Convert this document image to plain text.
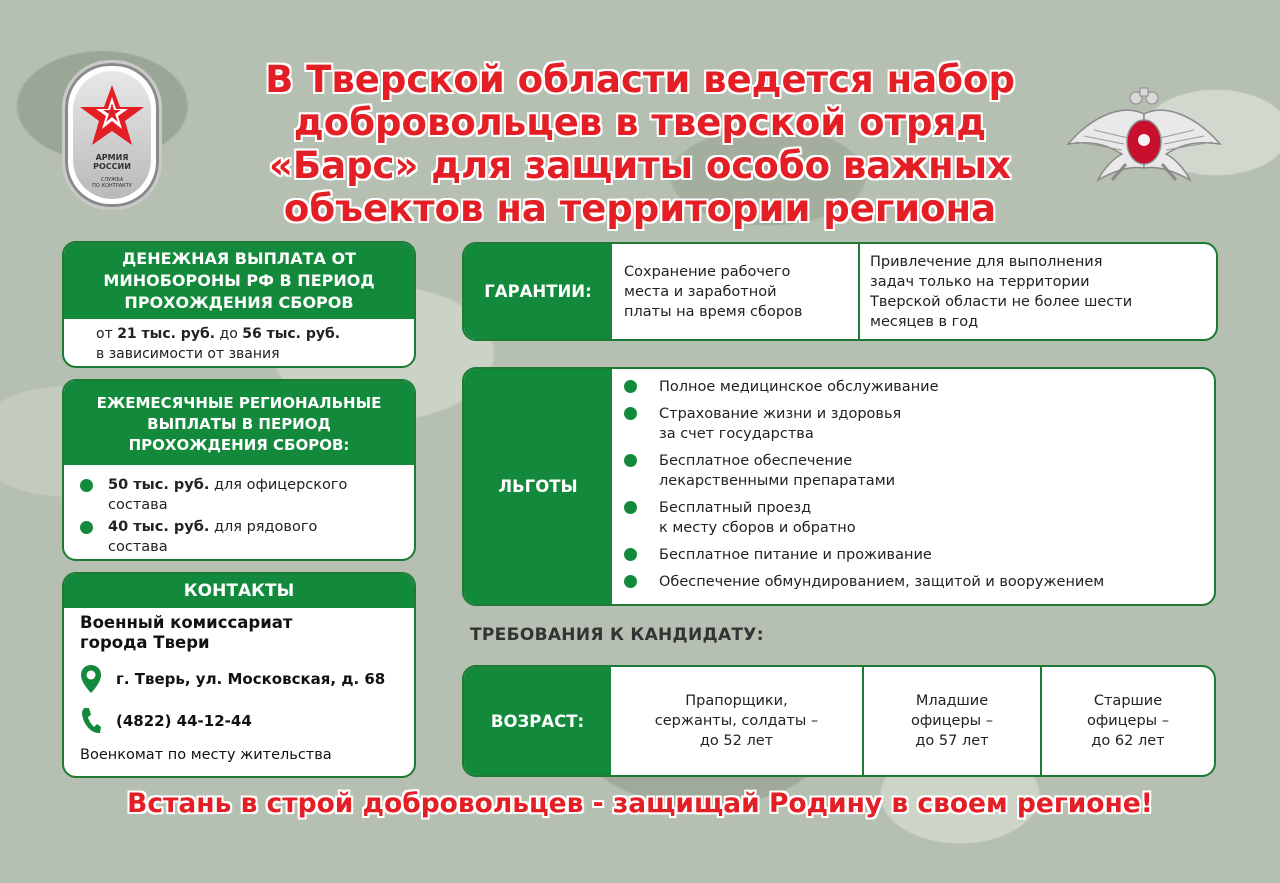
АРМИЯ
РОССИИ
СЛУЖБА
ПО КОНТРАКТУ
В Тверской области ведется набор
добровольцев в тверской отряд
«Барс» для защиты особо важных
объектов на территории региона
ДЕНЕЖНАЯ ВЫПЛАТА ОТ
МИНОБОРОНЫ РФ В ПЕРИОД
ПРОХОЖДЕНИЯ СБОРОВ
от 21 тыс. руб. до 56 тыс. руб.
в зависимости от звания
ЕЖЕМЕСЯЧНЫЕ РЕГИОНАЛЬНЫЕ
ВЫПЛАТЫ В ПЕРИОД
ПРОХОЖДЕНИЯ СБОРОВ:
50 тыс. руб. для офицерского
состава
40 тыс. руб. для рядового
состава
КОНТАКТЫ
Военный комиссариат
города Твери
г. Тверь, ул. Московская, д. 68
(4822) 44-12-44
Военкомат по месту жительства
ГАРАНТИИ:
Сохранение рабочего
места и заработной
платы на время сборов
Привлечение для выполнения
задач только на территории
Тверской области не более шести
месяцев в год
ЛЬГОТЫ
Полное медицинское обслуживание
Страхование жизни и здоровья
за счет государства
Бесплатное обеспечение
лекарственными препаратами
Бесплатный проезд
к месту сборов и обратно
Бесплатное питание и проживание
Обеспечение обмундированием, защитой и вооружением
ТРЕБОВАНИЯ К КАНДИДАТУ:
ВОЗРАСТ:
Прапорщики,
сержанты, солдаты –
до 52 лет
Младшие
офицеры –
до 57 лет
Старшие
офицеры –
до 62 лет
Встань в строй добровольцев - защищай Родину в своем регионе!
